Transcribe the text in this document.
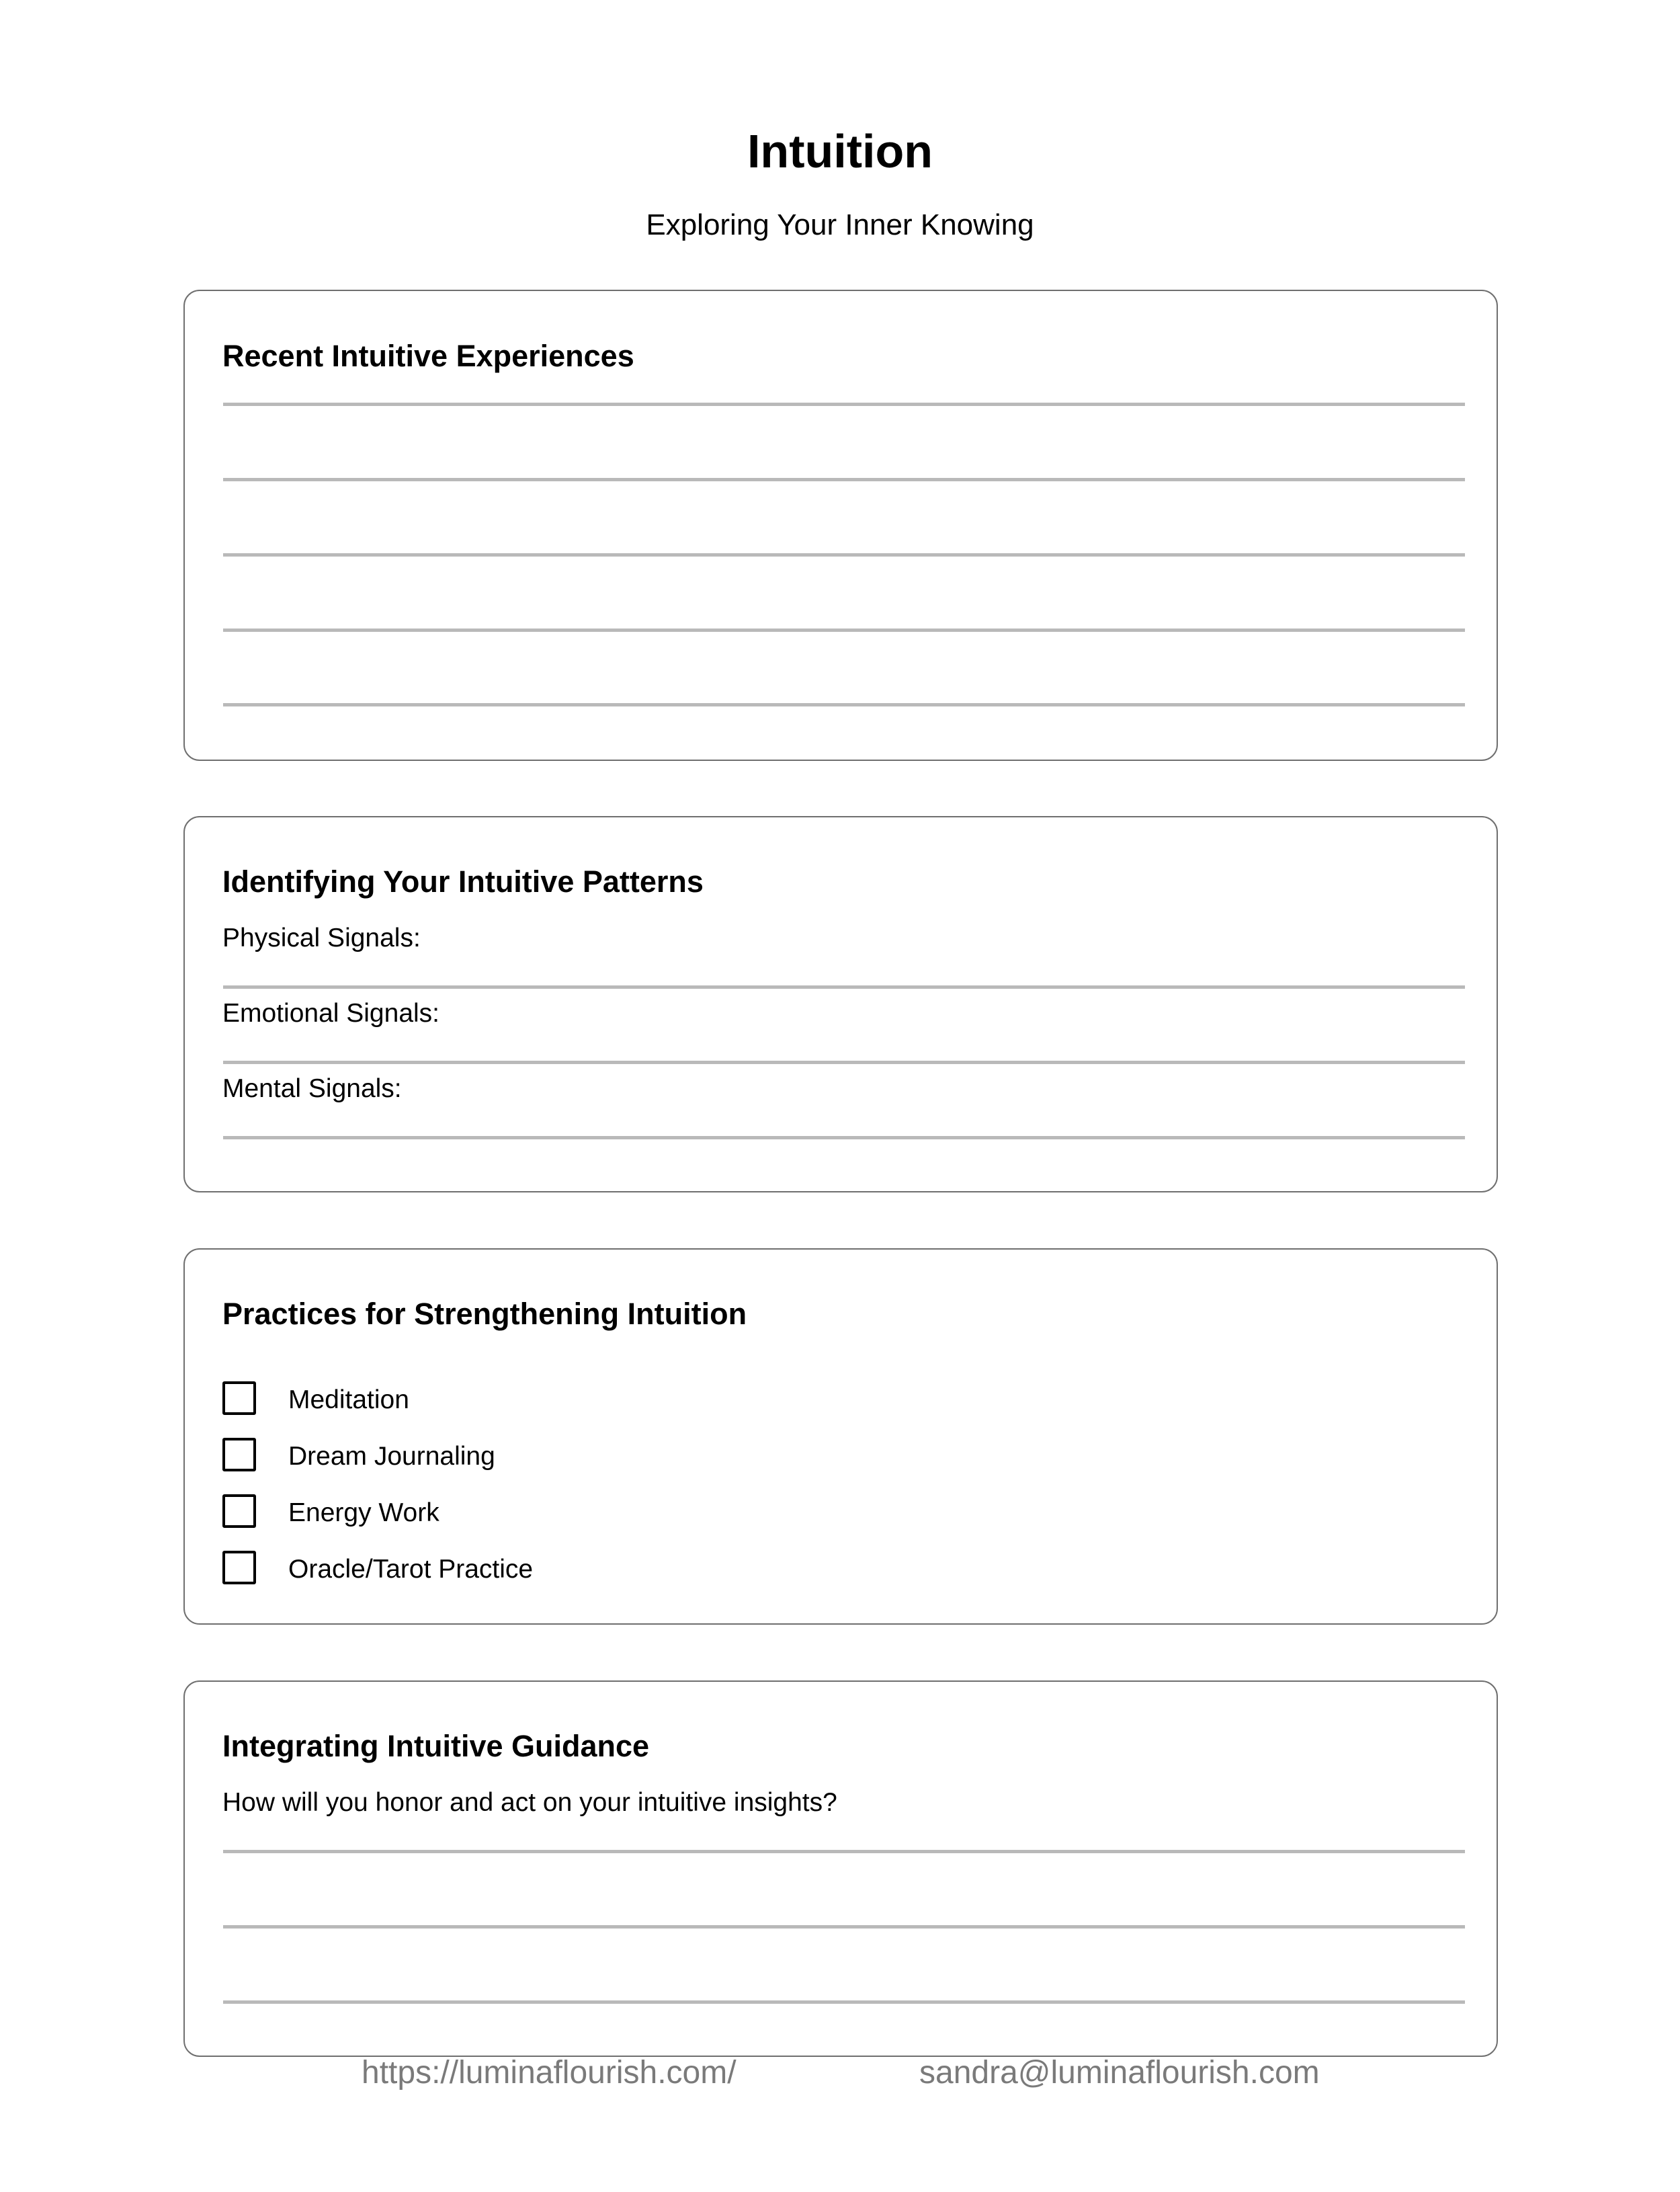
Intuition
Exploring Your Inner Knowing
Recent Intuitive Experiences
Identifying Your Intuitive Patterns
Physical Signals:
Emotional Signals:
Mental Signals:
Practices for Strengthening Intuition
Meditation
Dream Journaling
Energy Work
Oracle/Tarot Practice
Integrating Intuitive Guidance
How will you honor and act on your intuitive insights?
https://luminaflourish.com/	sandra@luminaflourish.com
